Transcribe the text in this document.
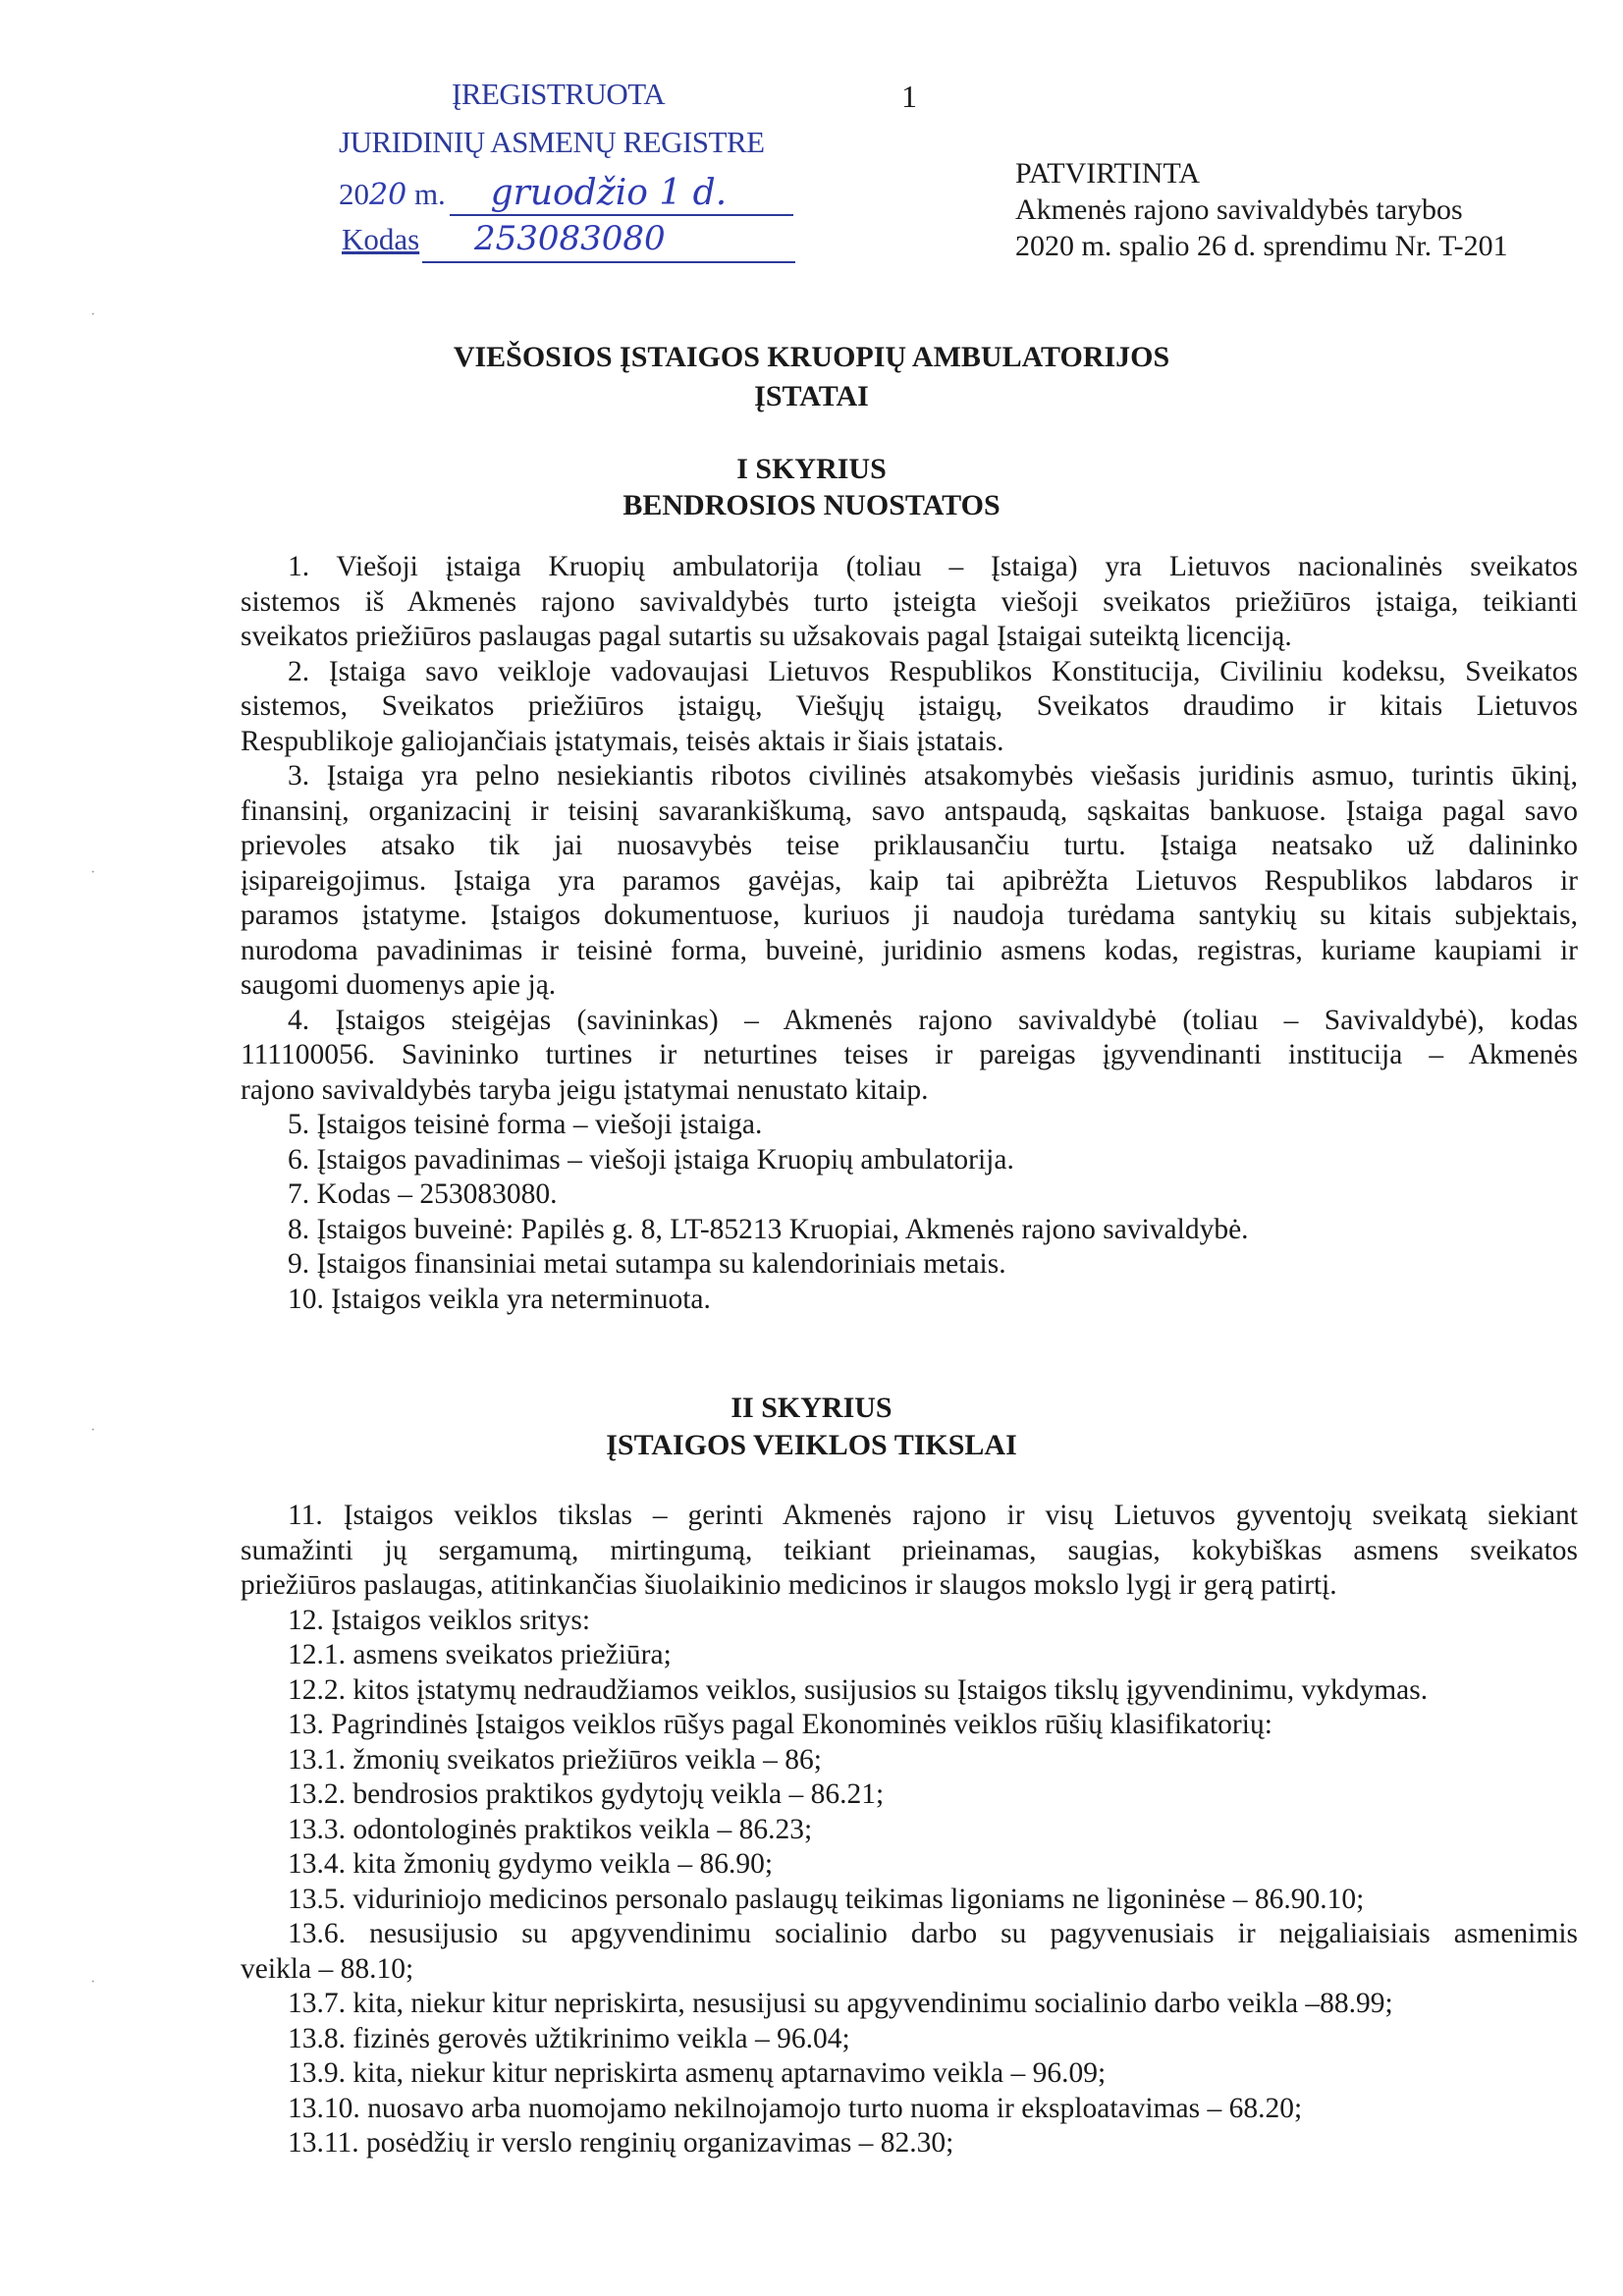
ĮREGISTRUOTA
JURIDINIŲ ASMENŲ REGISTRE
2020 m. gruodžio 1 d.
Kodas 253083080
1
PATVIRTINTA
Akmenės rajono savivaldybės tarybos
2020 m. spalio 26 d. sprendimu Nr. T-201
VIEŠOSIOS ĮSTAIGOS KRUOPIŲ AMBULATORIJOS
ĮSTATAI
I SKYRIUS
BENDROSIOS NUOSTATOS
1. Viešoji įstaiga Kruopių ambulatorija (toliau – Įstaiga) yra Lietuvos nacionalinės sveikatos
sistemos iš Akmenės rajono savivaldybės turto įsteigta viešoji sveikatos priežiūros įstaiga, teikianti
sveikatos priežiūros paslaugas pagal sutartis su užsakovais pagal Įstaigai suteiktą licenciją.
2. Įstaiga savo veikloje vadovaujasi Lietuvos Respublikos Konstitucija, Civiliniu kodeksu, Sveikatos
sistemos, Sveikatos priežiūros įstaigų, Viešųjų įstaigų, Sveikatos draudimo ir kitais Lietuvos
Respublikoje galiojančiais įstatymais, teisės aktais ir šiais įstatais.
3. Įstaiga yra pelno nesiekiantis ribotos civilinės atsakomybės viešasis juridinis asmuo, turintis ūkinį,
finansinį, organizacinį ir teisinį savarankiškumą, savo antspaudą, sąskaitas bankuose. Įstaiga pagal savo
prievoles atsako tik jai nuosavybės teise priklausančiu turtu. Įstaiga neatsako už dalininko
įsipareigojimus. Įstaiga yra paramos gavėjas, kaip tai apibrėžta Lietuvos Respublikos labdaros ir
paramos įstatyme. Įstaigos dokumentuose, kuriuos ji naudoja turėdama santykių su kitais subjektais,
nurodoma pavadinimas ir teisinė forma, buveinė, juridinio asmens kodas, registras, kuriame kaupiami ir
saugomi duomenys apie ją.
4. Įstaigos steigėjas (savininkas) – Akmenės rajono savivaldybė (toliau – Savivaldybė), kodas
111100056. Savininko turtines ir neturtines teises ir pareigas įgyvendinanti institucija – Akmenės
rajono savivaldybės taryba jeigu įstatymai nenustato kitaip.
5. Įstaigos teisinė forma – viešoji įstaiga.
6. Įstaigos pavadinimas – viešoji įstaiga Kruopių ambulatorija.
7. Kodas – 253083080.
8. Įstaigos buveinė: Papilės g. 8, LT-85213 Kruopiai, Akmenės rajono savivaldybė.
9. Įstaigos finansiniai metai sutampa su kalendoriniais metais.
10. Įstaigos veikla yra neterminuota.
II SKYRIUS
ĮSTAIGOS VEIKLOS TIKSLAI
11. Įstaigos veiklos tikslas – gerinti Akmenės rajono ir visų Lietuvos gyventojų sveikatą siekiant
sumažinti jų sergamumą, mirtingumą, teikiant prieinamas, saugias, kokybiškas asmens sveikatos
priežiūros paslaugas, atitinkančias šiuolaikinio medicinos ir slaugos mokslo lygį ir gerą patirtį.
12. Įstaigos veiklos sritys:
12.1. asmens sveikatos priežiūra;
12.2. kitos įstatymų nedraudžiamos veiklos, susijusios su Įstaigos tikslų įgyvendinimu, vykdymas.
13. Pagrindinės Įstaigos veiklos rūšys pagal Ekonominės veiklos rūšių klasifikatorių:
13.1. žmonių sveikatos priežiūros veikla – 86;
13.2. bendrosios praktikos gydytojų veikla – 86.21;
13.3. odontologinės praktikos veikla – 86.23;
13.4. kita žmonių gydymo veikla – 86.90;
13.5. viduriniojo medicinos personalo paslaugų teikimas ligoniams ne ligoninėse – 86.90.10;
13.6. nesusijusio su apgyvendinimu socialinio darbo su pagyvenusiais ir neįgaliaisiais asmenimis
veikla – 88.10;
13.7. kita, niekur kitur nepriskirta, nesusijusi su apgyvendinimu socialinio darbo veikla –88.99;
13.8. fizinės gerovės užtikrinimo veikla – 96.04;
13.9. kita, niekur kitur nepriskirta asmenų aptarnavimo veikla – 96.09;
13.10. nuosavo arba nuomojamo nekilnojamojo turto nuoma ir eksploatavimas – 68.20;
13.11. posėdžių ir verslo renginių organizavimas – 82.30;
·
·
·
·
